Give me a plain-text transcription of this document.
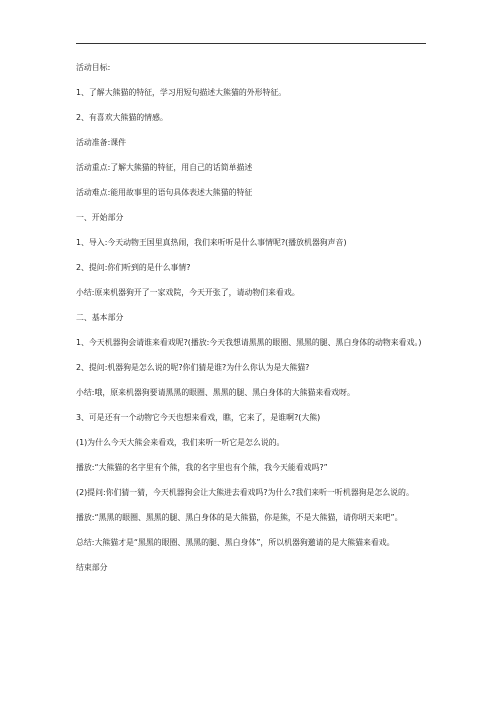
活动目标:

1、了解大熊猫的特征，学习用短句描述大熊猫的外形特征。

2、有喜欢大熊猫的情感。

活动准备:课件

活动重点:了解大熊猫的特征，用自己的话简单描述

活动难点:能用故事里的语句具体表述大熊猫的特征

一、开始部分

1、导入:今天动物王国里真热闹，我们来听听是什么事情呢?(播放机器狗声音)

2、提问:你们听到的是什么事情?

小结:原来机器狗开了一家戏院，今天开张了，请动物们来看戏。

二、基本部分

1、今天机器狗会请谁来看戏呢?(播放:今天我想请黑黑的眼圈、黑黑的腿、黑白身体的动物来看戏。)

2、提问:机器狗是怎么说的呢?你们猜是谁?为什么你认为是大熊猫?

小结:哦，原来机器狗要请黑黑的眼圈、黑黑的腿、黑白身体的大熊猫来看戏呀。

3、可是还有一个动物它今天也想来看戏，瞧，它来了，是谁啊?(大熊)

(1)为什么今天大熊会来看戏，我们来听一听它是怎么说的。

播放:“大熊猫的名字里有个熊，我的名字里也有个熊，我今天能看戏吗?”

(2)提问:你们猜一猜，今天机器狗会让大熊进去看戏吗?为什么?我们来听一听机器狗是怎么说的。

播放:“黑黑的眼圈、黑黑的腿、黑白身体的是大熊猫，你是熊，不是大熊猫，请你明天来吧”。

总结:大熊猫才是“黑黑的眼圈、黑黑的腿、黑白身体”，所以机器狗邀请的是大熊猫来看戏。

结束部分
